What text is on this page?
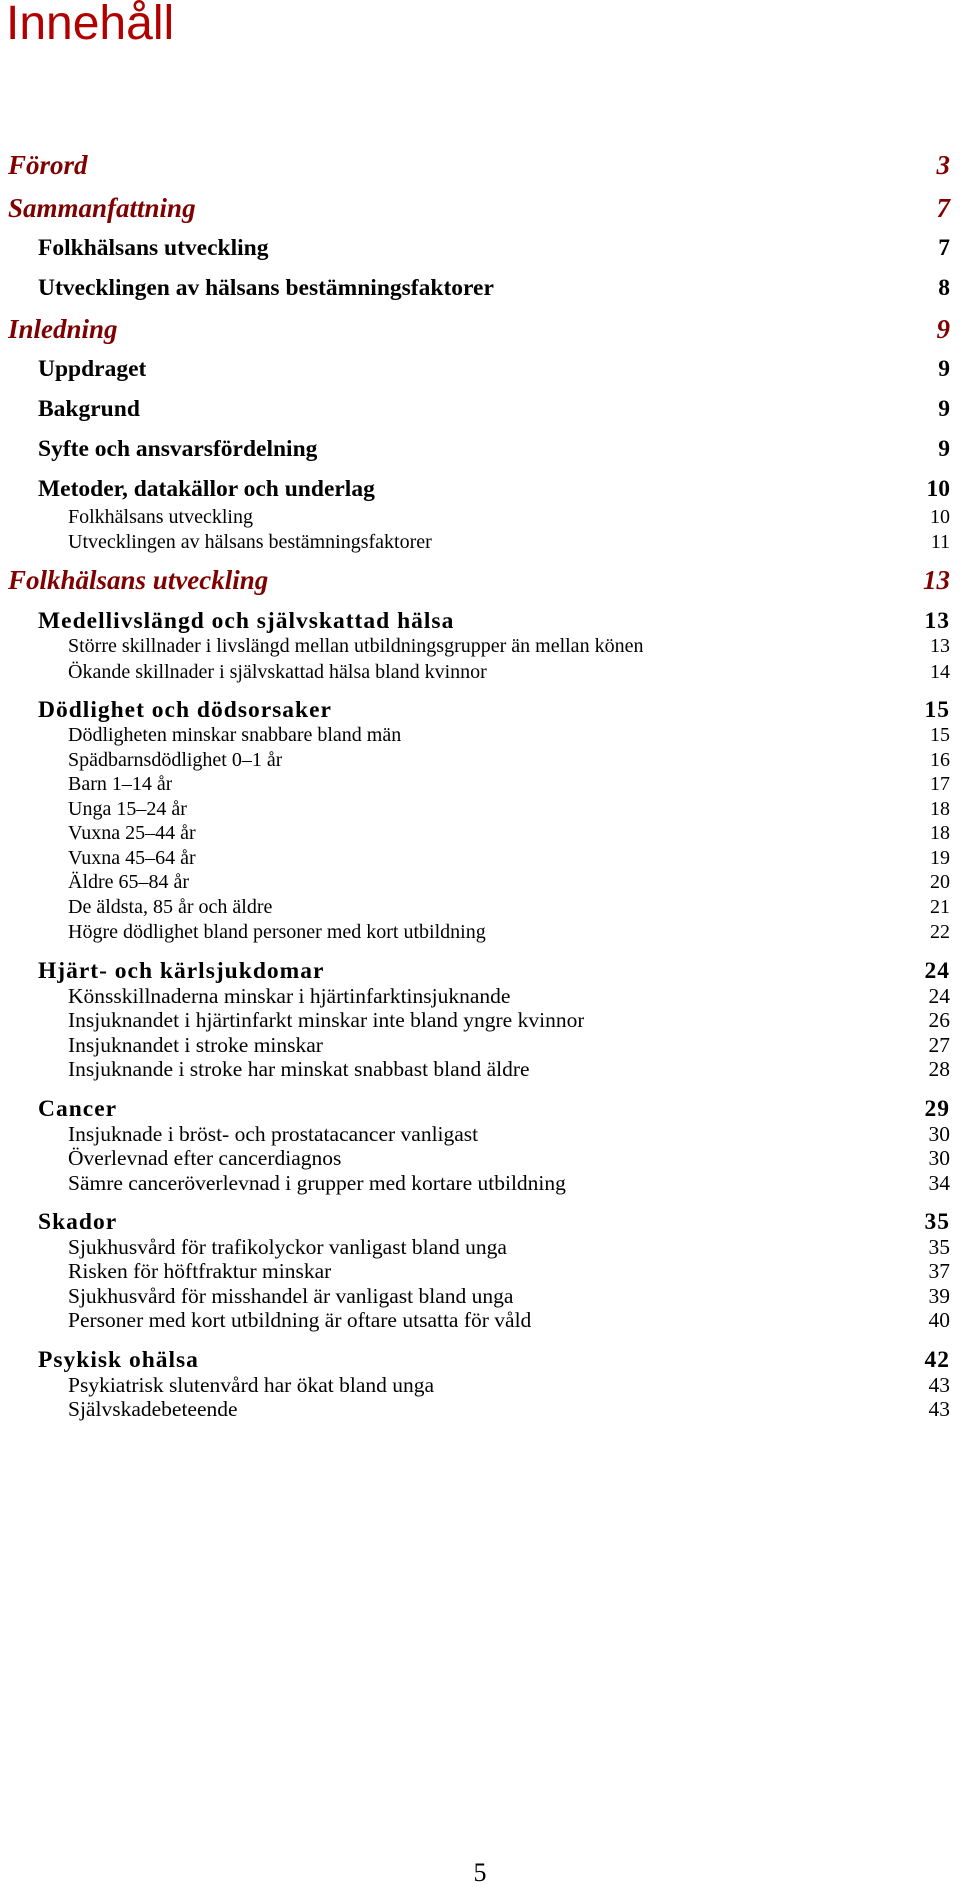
Innehåll
Förord	3
Sammanfattning	7
Folkhälsans utveckling	7
Utvecklingen av hälsans bestämningsfaktorer	8
Inledning	9
Uppdraget	9
Bakgrund	9
Syfte och ansvarsfördelning	9
Metoder, datakällor och underlag	10
Folkhälsans utveckling	10
Utvecklingen av hälsans bestämningsfaktorer	11
Folkhälsans utveckling	13
Medellivslängd och självskattad hälsa	13
Större skillnader i livslängd mellan utbildningsgrupper än mellan könen	13
Ökande skillnader i självskattad hälsa bland kvinnor	14
Dödlighet och dödsorsaker	15
Dödligheten minskar snabbare bland män	15
Spädbarnsdödlighet 0–1 år	16
Barn 1–14 år	17
Unga 15–24 år	18
Vuxna 25–44 år	18
Vuxna 45–64 år	19
Äldre 65–84 år	20
De äldsta, 85 år och äldre	21
Högre dödlighet bland personer med kort utbildning	22
Hjärt- och kärlsjukdomar	24
Könsskillnaderna minskar i hjärtinfarktinsjuknande	24
Insjuknandet i hjärtinfarkt minskar inte bland yngre kvinnor	26
Insjuknandet i stroke minskar	27
Insjuknande i stroke har minskat snabbast bland äldre	28
Cancer	29
Insjuknade i bröst- och prostatacancer vanligast	30
Överlevnad efter cancerdiagnos	30
Sämre canceröverlevnad i grupper med kortare utbildning	34
Skador	35
Sjukhusvård för trafikolyckor vanligast bland unga	35
Risken för höftfraktur minskar	37
Sjukhusvård för misshandel är vanligast bland unga	39
Personer med kort utbildning är oftare utsatta för våld	40
Psykisk ohälsa	42
Psykiatrisk slutenvård har ökat bland unga	43
Självskadebeteende	43
5
